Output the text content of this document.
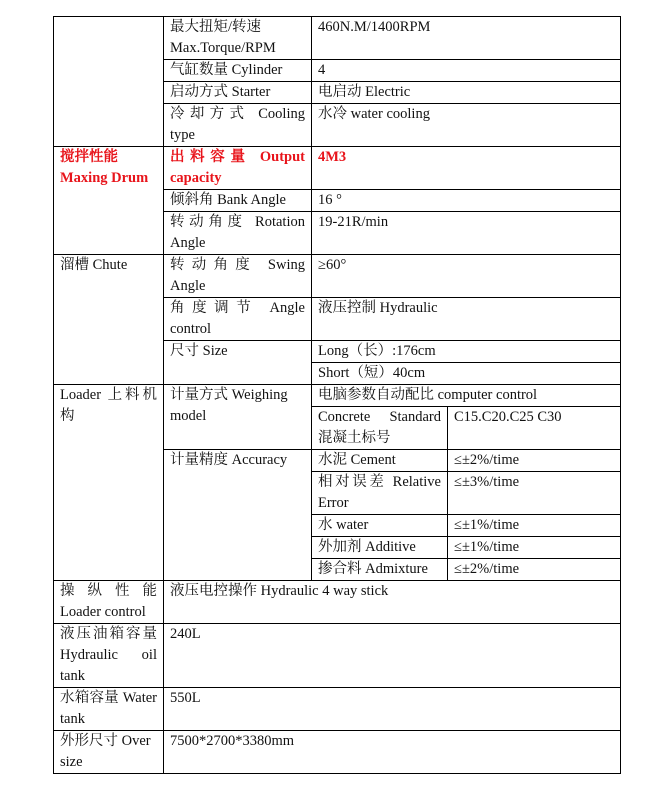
	最大扭矩/转速 Max.Torque/RPM	460N.M/1400RPM	
	气缸数量 Cylinder	4	
	启动方式 Starter	电启动 Electric	
	冷却方式 Cooling type	水冷 water cooling	
搅拌性能 Maxing Drum	出料容量 Output capacity	4M3	
	倾斜角 Bank Angle	16 °	
	转动角度 Rotation Angle	19-21R/min	
溜槽 Chute	转动角度 Swing Angle	≥60°	
	角度调节 Angle control	液压控制 Hydraulic	
	尺寸 Size	Long（长）:176cm	
		Short（短）40cm	
Loader 上料机构	计量方式 Weighing model	电脑参数自动配比 computer control	
		Concrete Standard 混凝土标号	C15.C20.C25 C30
	计量精度 Accuracy	水泥 Cement	≤±2%/time
		相对误差 Relative Error	≤±3%/time
		水 water	≤±1%/time
		外加剂 Additive	≤±1%/time
		掺合料 Admixture	≤±2%/time

操纵性能 Loader control	液压电控操作 Hydraulic 4 way stick		
液压油箱容量 Hydraulic oil tank	240L		
水箱容量 Water tank	550L		
外形尺寸 Over size	7500*2700*3380mm		
